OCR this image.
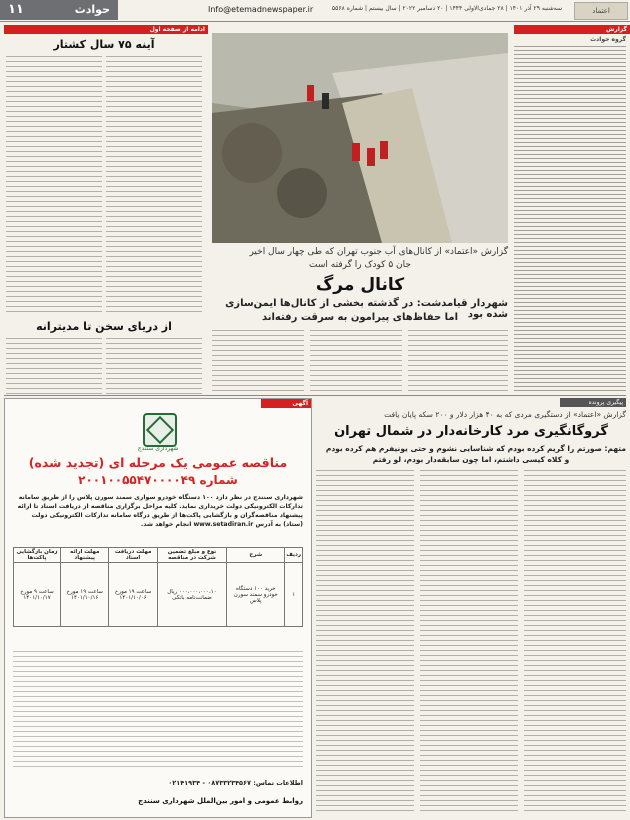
١١	حوادث	Info@etemadnewspaper.ir	سه‌شنبه ۲۹ آذر ۱۴۰۱ | ۲۸ جمادی‌الاولی ۱۴۴۴ | ۲۰ دسامبر ۲۰۲۲ | سال بیستم | شماره ۵۵۶۸	اعتماد
ادامه از صفحه اول
آینه ۷۵ سال کشتار
از دریای سخن تا مدیترانه
گزارش «اعتماد» از کانال‌های آب جنوب تهران که طی چهار سال اخیر
جان ۵ کودک را گرفته است
کانال مرگ
شهردار قیامدشت: در گذشته بخشی از کانال‌ها ایمن‌سازی شده بود
اما حفاظ‌های پیرامون به سرقت رفته‌اند
گزارش
گروه حوادث
پیگیری پرونده
گزارش «اعتماد» از دستگیری مردی که به ۴۰ هزار دلار و ۲۰۰ سکه پایان یافت
گروگانگیری مرد کارخانه‌دار در شمال تهران
متهم: صورتم را گریم کرده بودم که شناسایی نشوم و حتی یونیفرم هم کرده بودم
و کلاه کیسی داشتم، اما چون سابقه‌دار بودم، لو رفتم
آگهی
شهرداری سنندج
مناقصه عمومی یک مرحله ای (تجدید شده)
شماره ۲۰۰۱۰۰۵۵۴۷۰۰۰۰۴۹
شهرداری سنندج در نظر دارد ۱۰۰ دستگاه خودرو سواری سمند سورن پلاس را از طریق سامانه تدارکات الکترونیکی دولت خریداری نماید. کلیه مراحل برگزاری مناقصه از دریافت اسناد تا ارائه پیشنهاد مناقصه‌گران و بازگشایی پاکت‌ها از طریق درگاه سامانه تدارکات الکترونیکی دولت (ستاد) به آدرس www.setadiran.ir انجام خواهد شد.
ردیف	شرح	نوع و مبلغ تضمین شرکت در مناقصه	مهلت دریافت اسناد	مهلت ارائه پیشنهاد	زمان بازگشایی پاکت‌ها
۱	خرید ۱۰۰ دستگاه خودرو سمند سورن پلاس	۰۰۰،۰۰۰،۰۰۰،۱۰ ریال ضمانت‌نامه بانکی	ساعت ۱۹ مورخ ۱۴۰۱/۱۰/۰۶	ساعت ۱۹ مورخ ۱۴۰۱/۱۰/۱۶	ساعت ۹ مورخ ۱۴۰۱/۱۰/۱۷
اطلاعات تماس: ۰۸۷۳۳۲۳۴۵۶۷ - ۰۲۱۴۱۹۳۴
روابط عمومی و امور بین‌الملل شهرداری سنندج
